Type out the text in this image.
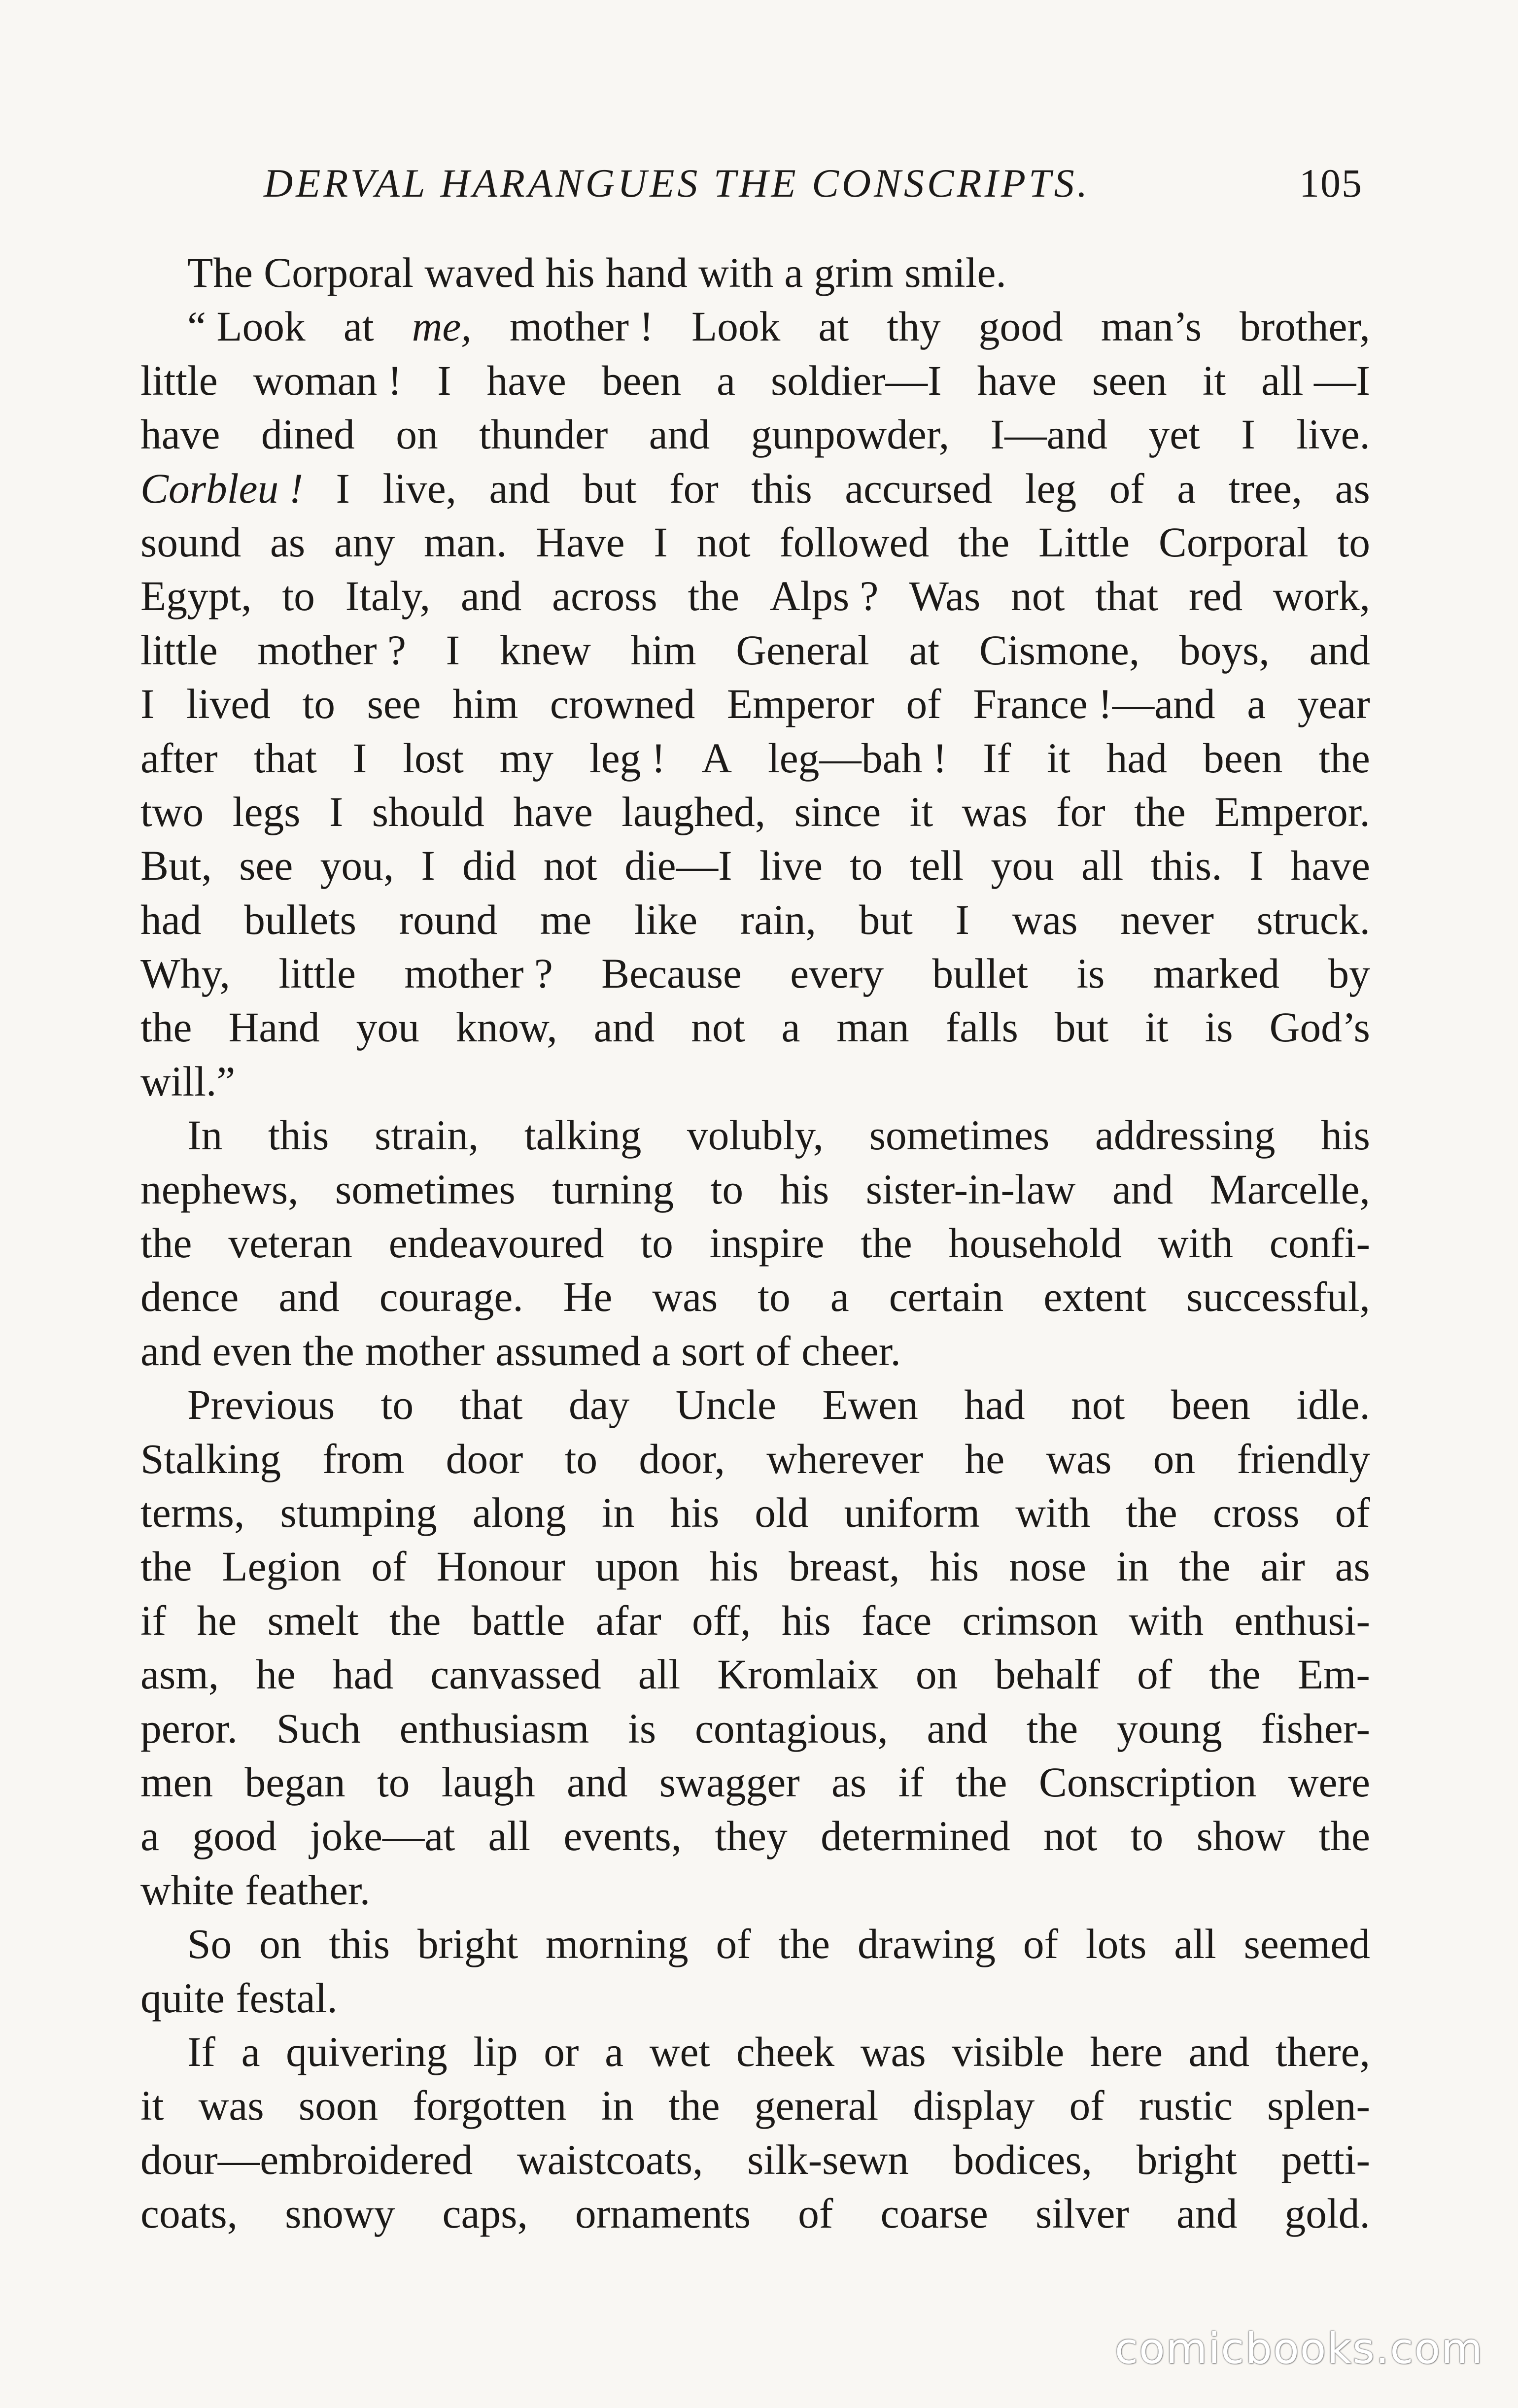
DERVAL HARANGUES THE CONSCRIPTS.	105
The Corporal waved his hand with a grim smile.
“ Look at me, mother ! Look at thy good man’s brother,
little woman ! I have been a soldier—I have seen it all —I
have dined on thunder and gunpowder, I—and yet I live.
Corbleu ! I live, and but for this accursed leg of a tree, as
sound as any man. Have I not followed the Little Corporal to
Egypt, to Italy, and across the Alps ? Was not that red work,
little mother ? I knew him General at Cismone, boys, and
I lived to see him crowned Emperor of France !—and a year
after that I lost my leg ! A leg—bah ! If it had been the
two legs I should have laughed, since it was for the Emperor.
But, see you, I did not die—I live to tell you all this. I have
had bullets round me like rain, but I was never struck.
Why, little mother ? Because every bullet is marked by
the Hand you know, and not a man falls but it is God’s
will.”
In this strain, talking volubly, sometimes addressing his
nephews, sometimes turning to his sister-in-law and Marcelle,
the veteran endeavoured to inspire the household with confi-
dence and courage. He was to a certain extent successful,
and even the mother assumed a sort of cheer.
Previous to that day Uncle Ewen had not been idle.
Stalking from door to door, wherever he was on friendly
terms, stumping along in his old uniform with the cross of
the Legion of Honour upon his breast, his nose in the air as
if he smelt the battle afar off, his face crimson with enthusi-
asm, he had canvassed all Kromlaix on behalf of the Em-
peror. Such enthusiasm is contagious, and the young fisher-
men began to laugh and swagger as if the Conscription were
a good joke—at all events, they determined not to show the
white feather.
So on this bright morning of the drawing of lots all seemed
quite festal.
If a quivering lip or a wet cheek was visible here and there,
it was soon forgotten in the general display of rustic splen-
dour—embroidered waistcoats, silk-sewn bodices, bright petti-
coats, snowy caps, ornaments of coarse silver and gold.
comicbooks.com
